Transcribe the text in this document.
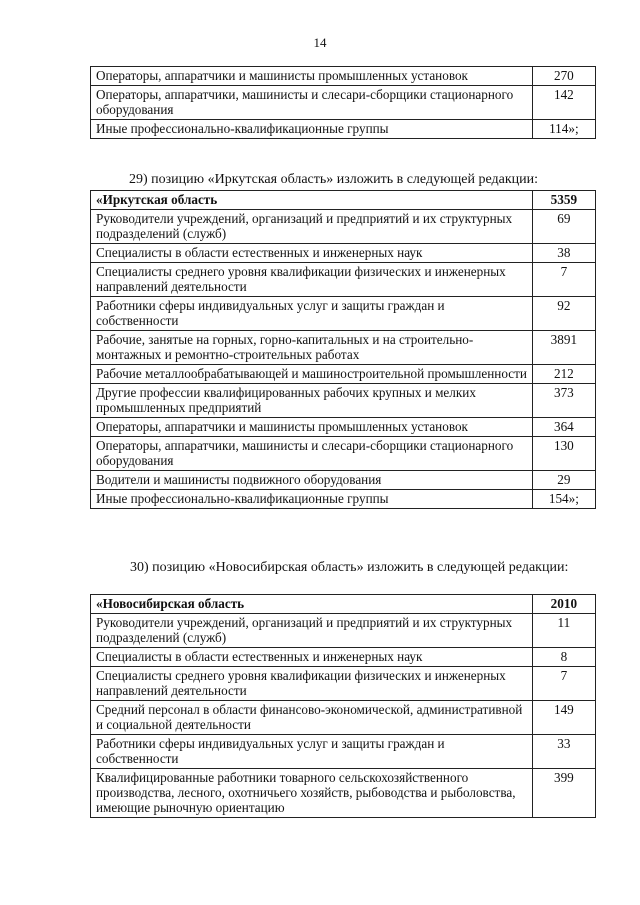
14
Операторы, аппаратчики и машинисты промышленных установок	270
Операторы, аппаратчики, машинисты и слесари-сборщики стационарного оборудования	142
Иные профессионально-квалификационные группы	114»;
29) позицию «Иркутская область» изложить в следующей редакции:
«Иркутская область	5359
Руководители учреждений, организаций и предприятий и их структурных подразделений (служб)	69
Специалисты в области естественных и инженерных наук	38
Специалисты среднего уровня квалификации физических и инженерных направлений деятельности	7
Работники сферы индивидуальных услуг и защиты граждан и собственности	92
Рабочие, занятые на горных, горно-капитальных и на строительно-монтажных и ремонтно-строительных работах	3891
Рабочие металлообрабатывающей и машиностроительной промышленности	212
Другие профессии квалифицированных рабочих крупных и мелких промышленных предприятий	373
Операторы, аппаратчики и машинисты промышленных установок	364
Операторы, аппаратчики, машинисты и слесари-сборщики стационарного оборудования	130
Водители и машинисты подвижного оборудования	29
Иные профессионально-квалификационные группы	154»;
30) позицию «Новосибирская область» изложить в следующей редакции:
«Новосибирская область	2010
Руководители учреждений, организаций и предприятий и их структурных подразделений (служб)	11
Специалисты в области естественных и инженерных наук	8
Специалисты среднего уровня квалификации физических и инженерных направлений деятельности	7
Средний персонал в области финансово-экономической, административной и социальной деятельности	149
Работники сферы индивидуальных услуг и защиты граждан и собственности	33
Квалифицированные работники товарного сельскохозяйственного производства, лесного, охотничьего хозяйств, рыбоводства и рыболовства, имеющие рыночную ориентацию	399
